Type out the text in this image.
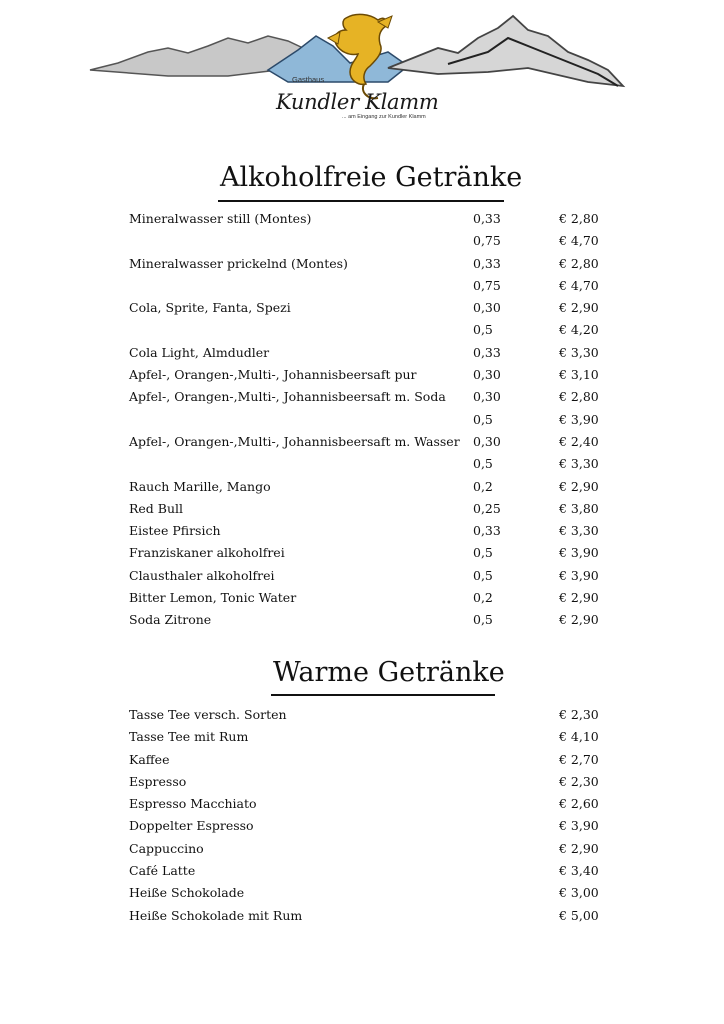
Gasthaus
Kundler Klamm
... am Eingang zur Kundler Klamm
Alkoholfreie Getränke
Mineralwasser still (Montes)	0,33	€ 2,80
0,75	€ 4,70
Mineralwasser prickelnd (Montes)	0,33	€ 2,80
0,75	€ 4,70
Cola, Sprite, Fanta, Spezi	0,30	€ 2,90
0,5	€ 4,20
Cola Light, Almdudler	0,33	€ 3,30
Apfel-, Orangen-,Multi-, Johannisbeersaft pur	0,30	€ 3,10
Apfel-, Orangen-,Multi-, Johannisbeersaft m. Soda 0,30	€ 2,80
0,5	€ 3,90
Apfel-, Orangen-,Multi-, Johannisbeersaft m. Wasser 0,30	€ 2,40
0,5	€ 3,30
Rauch Marille, Mango	0,2	€ 2,90
Red Bull	0,25	€ 3,80
Eistee Pfirsich	0,33	€ 3,30
Franziskaner alkoholfrei	0,5	€ 3,90
Clausthaler alkoholfrei	0,5	€ 3,90
Bitter Lemon, Tonic Water	0,2	€ 2,90
Soda Zitrone	0,5	€ 2,90
Warme Getränke
Tasse Tee versch. Sorten	€ 2,30
Tasse Tee mit Rum	€ 4,10
Kaffee	€ 2,70
Espresso	€ 2,30
Espresso Macchiato	€ 2,60
Doppelter Espresso	€ 3,90
Cappuccino	€ 2,90
Café Latte	€ 3,40
Heiße Schokolade	€ 3,00
Heiße Schokolade mit Rum	€ 5,00
